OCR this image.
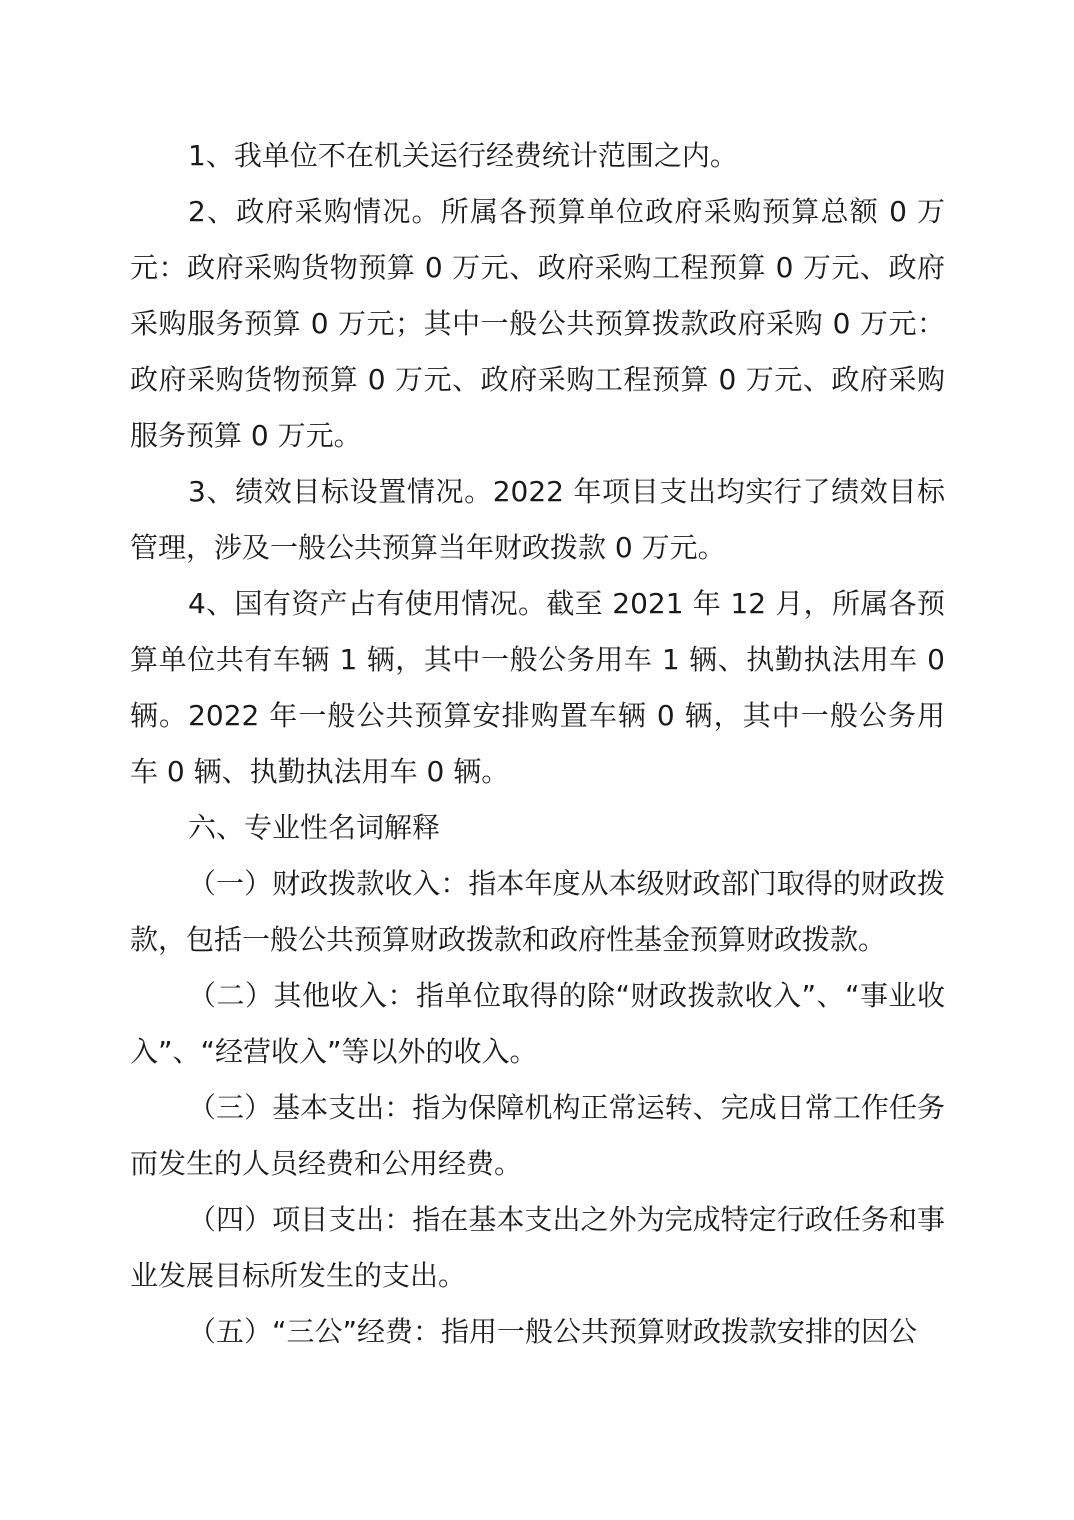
1、我单位不在机关运行经费统计范围之内。

2、政府采购情况。所属各预算单位政府采购预算总额 0 万元：政府采购货物预算 0 万元、政府采购工程预算 0 万元、政府采购服务预算 0 万元；其中一般公共预算拨款政府采购 0 万元：政府采购货物预算 0 万元、政府采购工程预算 0 万元、政府采购服务预算 0 万元。

3、绩效目标设置情况。2022 年项目支出均实行了绩效目标管理，涉及一般公共预算当年财政拨款 0 万元。

4、国有资产占有使用情况。截至 2021 年 12 月，所属各预算单位共有车辆 1 辆，其中一般公务用车 1 辆、执勤执法用车 0 辆。2022 年一般公共预算安排购置车辆 0 辆，其中一般公务用车 0 辆、执勤执法用车 0 辆。

六、专业性名词解释

（一）财政拨款收入：指本年度从本级财政部门取得的财政拨款，包括一般公共预算财政拨款和政府性基金预算财政拨款。

（二）其他收入：指单位取得的除“财政拨款收入”、“事业收入”、“经营收入”等以外的收入。

（三）基本支出：指为保障机构正常运转、完成日常工作任务而发生的人员经费和公用经费。

（四）项目支出：指在基本支出之外为完成特定行政任务和事业发展目标所发生的支出。

（五）“三公”经费：指用一般公共预算财政拨款安排的因公
